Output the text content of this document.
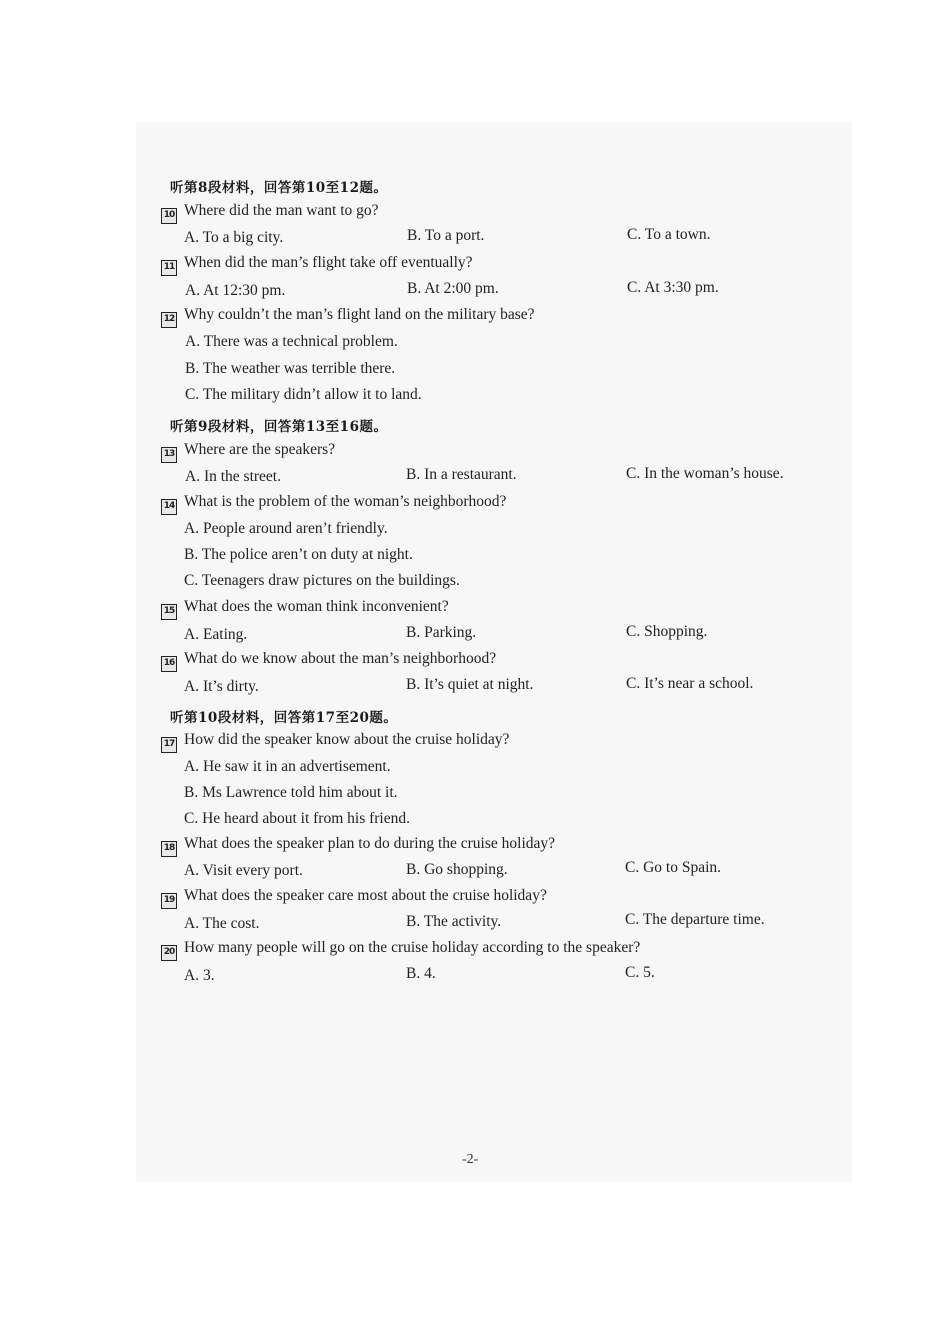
听第8段材料，回答第10至12题。
10 Where did the man want to go?
A. To a big city.	B. To a port.	C. To a town.
11 When did the man’s flight take off eventually?
A. At 12:30 pm.	B. At 2:00 pm.	C. At 3:30 pm.
12 Why couldn’t the man’s flight land on the military base?
A. There was a technical problem.
B. The weather was terrible there.
C. The military didn’t allow it to land.
听第9段材料，回答第13至16题。
13 Where are the speakers?
A. In the street.	B. In a restaurant.	C. In the woman’s house.
14 What is the problem of the woman’s neighborhood?
A. People around aren’t friendly.
B. The police aren’t on duty at night.
C. Teenagers draw pictures on the buildings.
15 What does the woman think inconvenient?
A. Eating.	B. Parking.	C. Shopping.
16 What do we know about the man’s neighborhood?
A. It’s dirty.	B. It’s quiet at night.	C. It’s near a school.
听第10段材料，回答第17至20题。
17 How did the speaker know about the cruise holiday?
A. He saw it in an advertisement.
B. Ms Lawrence told him about it.
C. He heard about it from his friend.
18 What does the speaker plan to do during the cruise holiday?
A. Visit every port.	B. Go shopping.	C. Go to Spain.
19 What does the speaker care most about the cruise holiday?
A. The cost.	B. The activity.	C. The departure time.
20 How many people will go on the cruise holiday according to the speaker?
A. 3.	B. 4.	C. 5.
-2-
